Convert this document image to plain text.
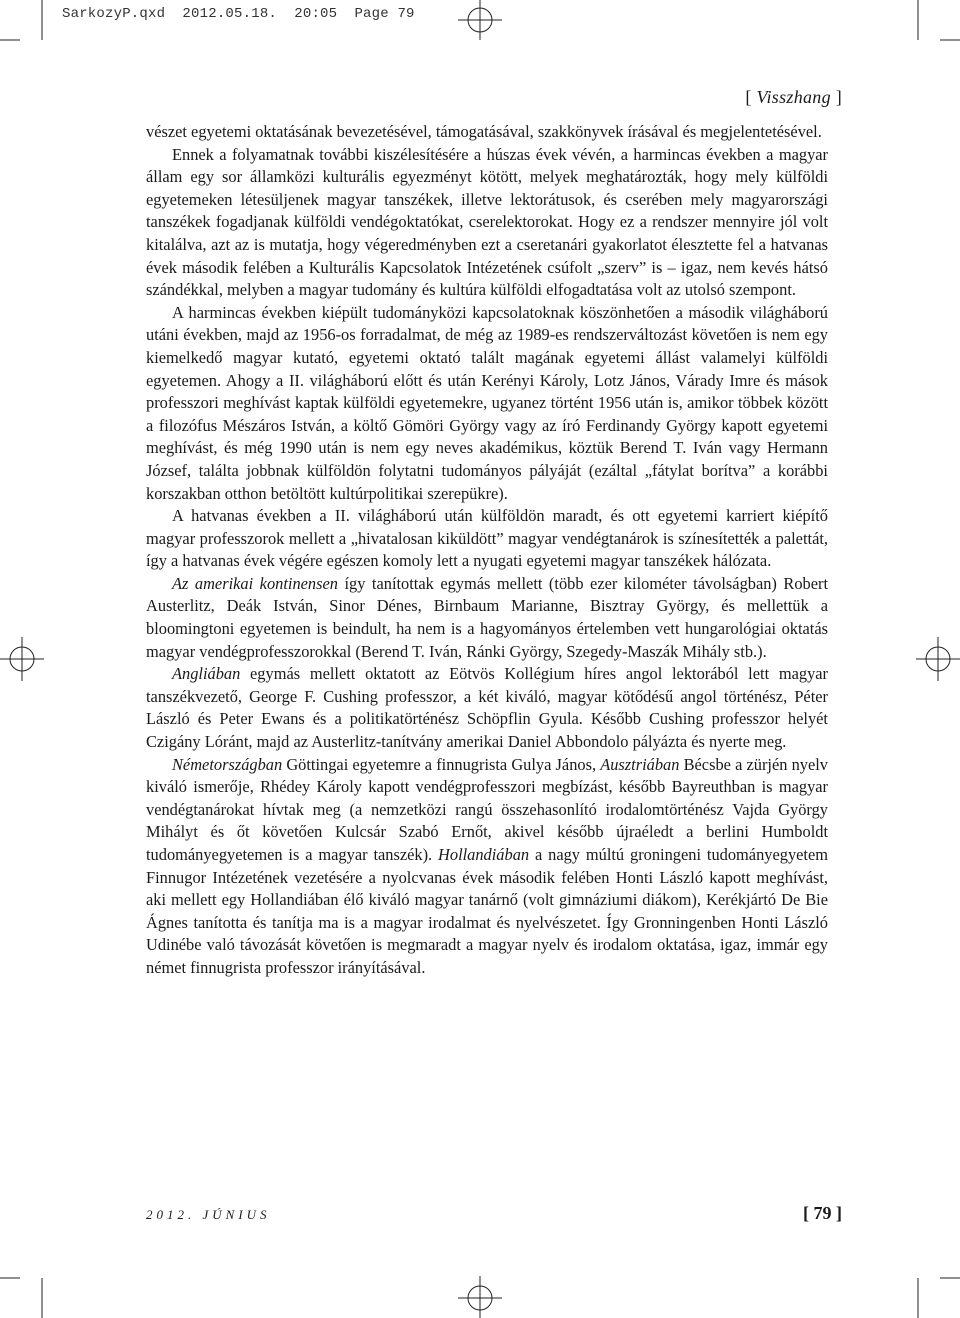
SarkozyP.qxd  2012.05.18.  20:05  Page 79
[ Visszhang ]

vészet egyetemi oktatásának bevezetésével, támogatásával, szakkönyvek írásával és megjelentetésével.

Ennek a folyamatnak további kiszélesítésére a húszas évek vévén, a harmincas években a magyar állam egy sor államközi kulturális egyezményt kötött, melyek meghatározták, hogy mely külföldi egyetemeken létesüljenek magyar tanszékek, illetve lektorátusok, és cserében mely magyarországi tanszékek fogadjanak külföldi vendégoktatókat, cserelektorokat. Hogy ez a rendszer mennyire jól volt kitalálva, azt az is mutatja, hogy végeredményben ezt a cseretanári gyakorlatot élesztette fel a hatvanas évek második felében a Kulturális Kapcsolatok Intézetének csúfolt „szerv” is – igaz, nem kevés hátsó szándékkal, melyben a magyar tudomány és kultúra külföldi elfogadtatása volt az utolsó szempont.

A harmincas években kiépült tudományközi kapcsolatoknak köszönhetően a második világháború utáni években, majd az 1956-os forradalmat, de még az 1989-es rendszerváltozást követően is nem egy kiemelkedő magyar kutató, egyetemi oktató talált magának egyetemi állást valamelyi külföldi egyetemen. Ahogy a II. világháború előtt és után Kerényi Károly, Lotz János, Várady Imre és mások professzori meghívást kaptak külföldi egyetemekre, ugyanez történt 1956 után is, amikor többek között a filozófus Mészáros István, a költő Gömöri György vagy az író Ferdinandy György kapott egyetemi meghívást, és még 1990 után is nem egy neves akadémikus, köztük Berend T. Iván vagy Hermann József, találta jobbnak külföldön folytatni tudományos pályáját (ezáltal „fátylat borítva” a korábbi korszakban otthon betöltött kultúrpolitikai szerepükre).

A hatvanas években a II. világháború után külföldön maradt, és ott egyetemi karriert kiépítő magyar professzorok mellett a „hivatalosan kiküldött” magyar vendégtanárok is színesítették a palettát, így a hatvanas évek végére egészen komoly lett a nyugati egyetemi magyar tanszékek hálózata.

Az amerikai kontinensen így tanítottak egymás mellett (több ezer kilométer távolságban) Robert Austerlitz, Deák István, Sinor Dénes, Birnbaum Marianne, Bisztray György, és mellettük a bloomingtoni egyetemen is beindult, ha nem is a hagyományos értelemben vett hungarológiai oktatás magyar vendégprofesszorokkal (Berend T. Iván, Ránki György, Szegedy-Maszák Mihály stb.).

Angliában egymás mellett oktatott az Eötvös Kollégium híres angol lektorából lett magyar tanszékvezető, George F. Cushing professzor, a két kiváló, magyar kötődésű angol történész, Péter László és Peter Ewans és a politikatörténész Schöpflin Gyula. Később Cushing professzor helyét Czigány Lóránt, majd az Austerlitz-tanítvány amerikai Daniel Abbondolo pályázta és nyerte meg.

Németországban Göttingai egyetemre a finnugrista Gulya János, Ausztriában Bécsbe a zürjén nyelv kiváló ismerője, Rhédey Károly kapott vendégprofesszori megbízást, később Bayreuthban is magyar vendégtanárokat hívtak meg (a nemzetközi rangú összehasonlító irodalomtörténész Vajda György Mihályt és őt követően Kulcsár Szabó Ernőt, akivel később újraéledt a berlini Humboldt tudományegyetemen is a magyar tanszék). Hollandiában a nagy múltú groningeni tudományegyetem Finnugor Intézetének vezetésére a nyolcvanas évek második felében Honti László kapott meghívást, aki mellett egy Hollandiában élő kiváló magyar tanárnő (volt gimnáziumi diákom), Kerékjártó De Bie Ágnes tanította és tanítja ma is a magyar irodalmat és nyelvészetet. Így Gronningenben Honti László Udinébe való távozását követően is megmaradt a magyar nyelv és irodalom oktatása, igaz, immár egy német finnugrista professzor irányításával.

2012. JÚNIUS	[ 79 ]
